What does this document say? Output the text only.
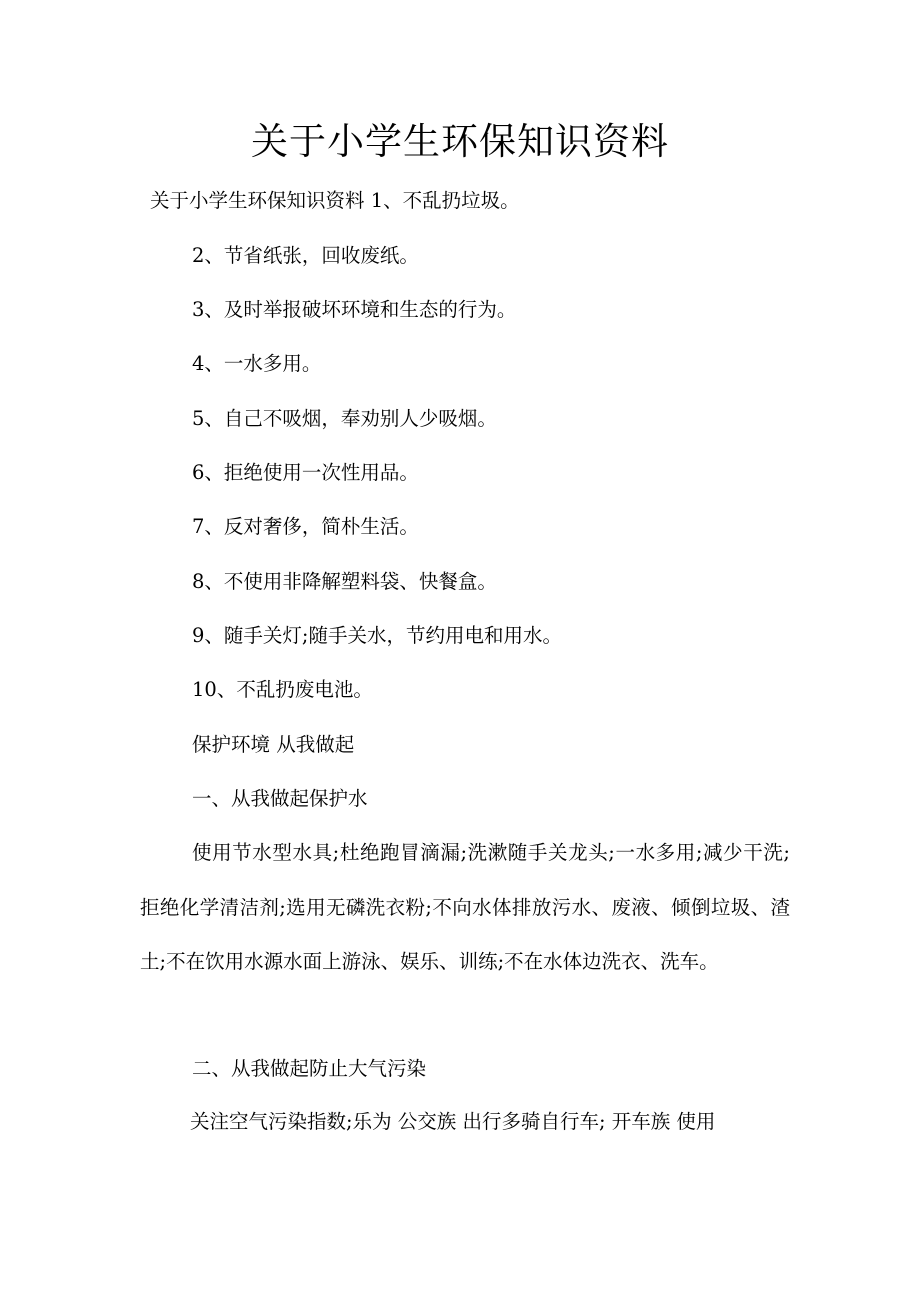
关于小学生环保知识资料
关于小学生环保知识资料 1、不乱扔垃圾。
2、节省纸张，回收废纸。
3、及时举报破坏环境和生态的行为。
4、一水多用。
5、自己不吸烟，奉劝别人少吸烟。
6、拒绝使用一次性用品。
7、反对奢侈，简朴生活。
8、不使用非降解塑料袋、快餐盒。
9、随手关灯;随手关水，节约用电和用水。
10、不乱扔废电池。
保护环境 从我做起
一、从我做起保护水
使用节水型水具;杜绝跑冒滴漏;洗漱随手关龙头;一水多用;减少干洗;拒绝化学清洁剂;选用无磷洗衣粉;不向水体排放污水、废液、倾倒垃圾、渣土;不在饮用水源水面上游泳、娱乐、训练;不在水体边洗衣、洗车。
二、从我做起防止大气污染
关注空气污染指数;乐为 公交族 出行多骑自行车; 开车族 使用
